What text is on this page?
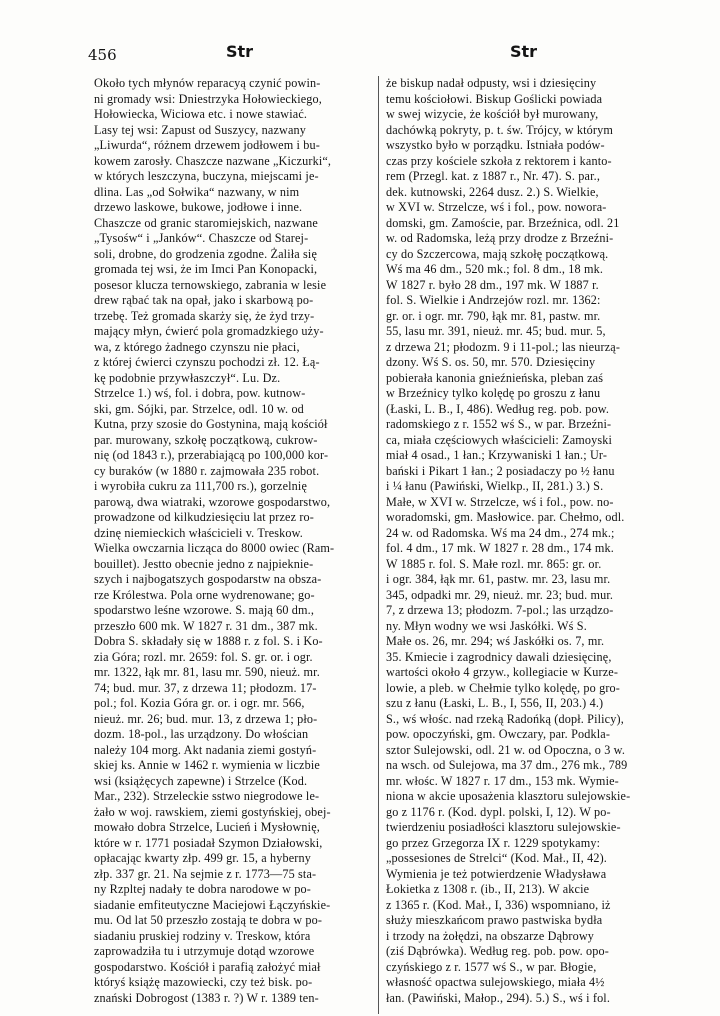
456	Str	Str
Około tych młynów reparacyą czynić powin-
ni gromady wsi: Dniestrzyka Hołowieckiego,
Hołowiecka, Wiciowa etc. i nowe stawiać.
Lasy tej wsi: Zapust od Suszycy, nazwany
„Liwurda“, różnem drzewem jodłowem i bu-
kowem zarosły. Chaszcze nazwane „Kiczurki“,
w których leszczyna, buczyna, miejscami je-
dlina. Las „od Sołwika“ nazwany, w nim
drzewo laskowe, bukowe, jodłowe i inne.
Chaszcze od granic staromiejskich, nazwane
„Tysośw“ i „Janków“. Chaszcze od Starej-
soli, drobne, do grodzenia zgodne. Żaliła się
gromada tej wsi, że im Imci Pan Konopacki,
posesor klucza ternowskiego, zabrania w lesie
drew rąbać tak na opał, jako i skarbową po-
trzebę. Też gromada skarży się, że żyd trzy-
mający młyn, ćwierć pola gromadzkiego uży-
wa, z którego żadnego czynszu nie płaci,
z której ćwierci czynszu pochodzi zł. 12. Łą-
kę podobnie przywłaszczył“. Lu. Dz.
Strzelce 1.) wś, fol. i dobra, pow. kutnow-
ski, gm. Sójki, par. Strzelce, odl. 10 w. od
Kutna, przy szosie do Gostynina, mają kościół
par. murowany, szkołę początkową, cukrow-
nię (od 1843 r.), przerabiającą po 100,000 kor-
cy buraków (w 1880 r. zajmowała 235 robot.
i wyrobiła cukru za 111,700 rs.), gorzelnię
parową, dwa wiatraki, wzorowe gospodarstwo,
prowadzone od kilkudziesięciu lat przez ro-
dzinę niemieckich właścicieli v. Treskow.
Wielka owczarnia licząca do 8000 owiec (Ram-
bouillet). Jestto obecnie jedno z najpieknie-
szych i najbogatszych gospodarstw na obsza-
rze Królestwa. Pola orne wydrenowane; go-
spodarstwo leśne wzorowe. S. mają 60 dm.,
przeszło 600 mk. W 1827 r. 31 dm., 387 mk.
Dobra S. składały się w 1888 r. z fol. S. i Ko-
zia Góra; rozl. mr. 2659: fol. S. gr. or. i ogr.
mr. 1322, łąk mr. 81, lasu mr. 590, nieuż. mr.
74; bud. mur. 37, z drzewa 11; płodozm. 17-
pol.; fol. Kozia Góra gr. or. i ogr. mr. 566,
nieuż. mr. 26; bud. mur. 13, z drzewa 1; pło-
dozm. 18-pol., las urządzony. Do włościan
należy 104 morg. Akt nadania ziemi gostyń-
skiej ks. Annie w 1462 r. wymienia w liczbie
wsi (książęcych zapewne) i Strzelce (Kod.
Mar., 232). Strzeleckie sstwo niegrodowe le-
żało w woj. rawskiem, ziemi gostyńskiej, obej-
mowało dobra Strzelce, Lucień i Mysłownię,
które w r. 1771 posiadał Szymon Działowski,
opłacając kwarty złp. 499 gr. 15, a hyberny
złp. 337 gr. 21. Na sejmie z r. 1773—75 sta-
ny Rzpltej nadały te dobra narodowe w po-
siadanie emfiteutyczne Maciejowi Łączyńskie-
mu. Od lat 50 przeszło zostają te dobra w po-
siadaniu pruskiej rodziny v. Treskow, która
zaprowadziła tu i utrzymuje dotąd wzorowe
gospodarstwo. Kościół i parafią założyć miał
któryś książę mazowiecki, czy też bisk. po-
znański Dobrogost (1383 r. ?) W r. 1389 ten-
że biskup nadał odpusty, wsi i dziesięciny
temu kościołowi. Biskup Goślicki powiada
w swej wizycie, że kościół był murowany,
dachówką pokryty, p. t. św. Trójcy, w którym
wszystko było w porządku. Istniała podów-
czas przy kościele szkoła z rektorem i kanto-
rem (Przegl. kat. z 1887 r., Nr. 47). S. par.,
dek. kutnowski, 2264 dusz. 2.) S. Wielkie,
w XVI w. Strzelcze, wś i fol., pow. nowora-
domski, gm. Zamoście, par. Brzeźnica, odl. 21
w. od Radomska, leżą przy drodze z Brzeźni-
cy do Szczercowa, mają szkołę początkową.
Wś ma 46 dm., 520 mk.; fol. 8 dm., 18 mk.
W 1827 r. było 28 dm., 197 mk. W 1887 r.
fol. S. Wielkie i Andrzejów rozl. mr. 1362:
gr. or. i ogr. mr. 790, łąk mr. 81, pastw. mr.
55, lasu mr. 391, nieuż. mr. 45; bud. mur. 5,
z drzewa 21; płodozm. 9 i 11-pol.; las nieurzą-
dzony. Wś S. os. 50, mr. 570. Dziesięciny
pobierała kanonia gnieźnieńska, pleban zaś
w Brzeźnicy tylko kolędę po groszu z łanu
(Łaski, L. B., I, 486). Według reg. pob. pow.
radomskiego z r. 1552 wś S., w par. Brzeźni-
ca, miała częściowych właścicieli: Zamoyski
miał 4 osad., 1 łan.; Krzywaniski 1 łan.; Ur-
bański i Pikart 1 łan.; 2 posiadaczy po ½ łanu
i ¼ łanu (Pawiński, Wielkp., II, 281.) 3.) S.
Małe, w XVI w. Strzelcze, wś i fol., pow. no-
woradomski, gm. Masłowice. par. Chełmo, odl.
24 w. od Radomska. Wś ma 24 dm., 274 mk.;
fol. 4 dm., 17 mk. W 1827 r. 28 dm., 174 mk.
W 1885 r. fol. S. Małe rozl. mr. 865: gr. or.
i ogr. 384, łąk mr. 61, pastw. mr. 23, lasu mr.
345, odpadki mr. 29, nieuż. mr. 23; bud. mur.
7, z drzewa 13; płodozm. 7-pol.; las urządzo-
ny. Młyn wodny we wsi Jaskółki. Wś S.
Małe os. 26, mr. 294; wś Jaskółki os. 7, mr.
35. Kmiecie i zagrodnicy dawali dziesięcinę,
wartości około 4 grzyw., kollegiacie w Kurze-
lowie, a pleb. w Chełmie tylko kolędę, po gro-
szu z łanu (Łaski, L. B., I, 556, II, 203.) 4.)
S., wś włośc. nad rzeką Radońką (dopł. Pilicy),
pow. opoczyński, gm. Owczary, par. Podkla-
sztor Sulejowski, odl. 21 w. od Opoczna, o 3 w.
na wsch. od Sulejowa, ma 37 dm., 276 mk., 789
mr. włośc. W 1827 r. 17 dm., 153 mk. Wymie-
niona w akcie uposażenia klasztoru sulejowskie-
go z 1176 r. (Kod. dypl. polski, I, 12). W po-
twierdzeniu posiadłości klasztoru sulejowskie-
go przez Grzegorza IX r. 1229 spotykamy:
„possesiones de Strelci“ (Kod. Mał., II, 42).
Wymienia je też potwierdzenie Władysława
Łokietka z 1308 r. (ib., II, 213). W akcie
z 1365 r. (Kod. Mał., I, 336) wspomniano, iż
służy mieszkańcom prawo pastwiska bydła
i trzody na żołędzi, na obszarze Dąbrowy
(ziś Dąbrówka). Według reg. pob. pow. opo-
czyńskiego z r. 1577 wś S., w par. Błogie,
własność opactwa sulejowskiego, miała 4½
łan. (Pawiński, Małop., 294). 5.) S., wś i fol.
